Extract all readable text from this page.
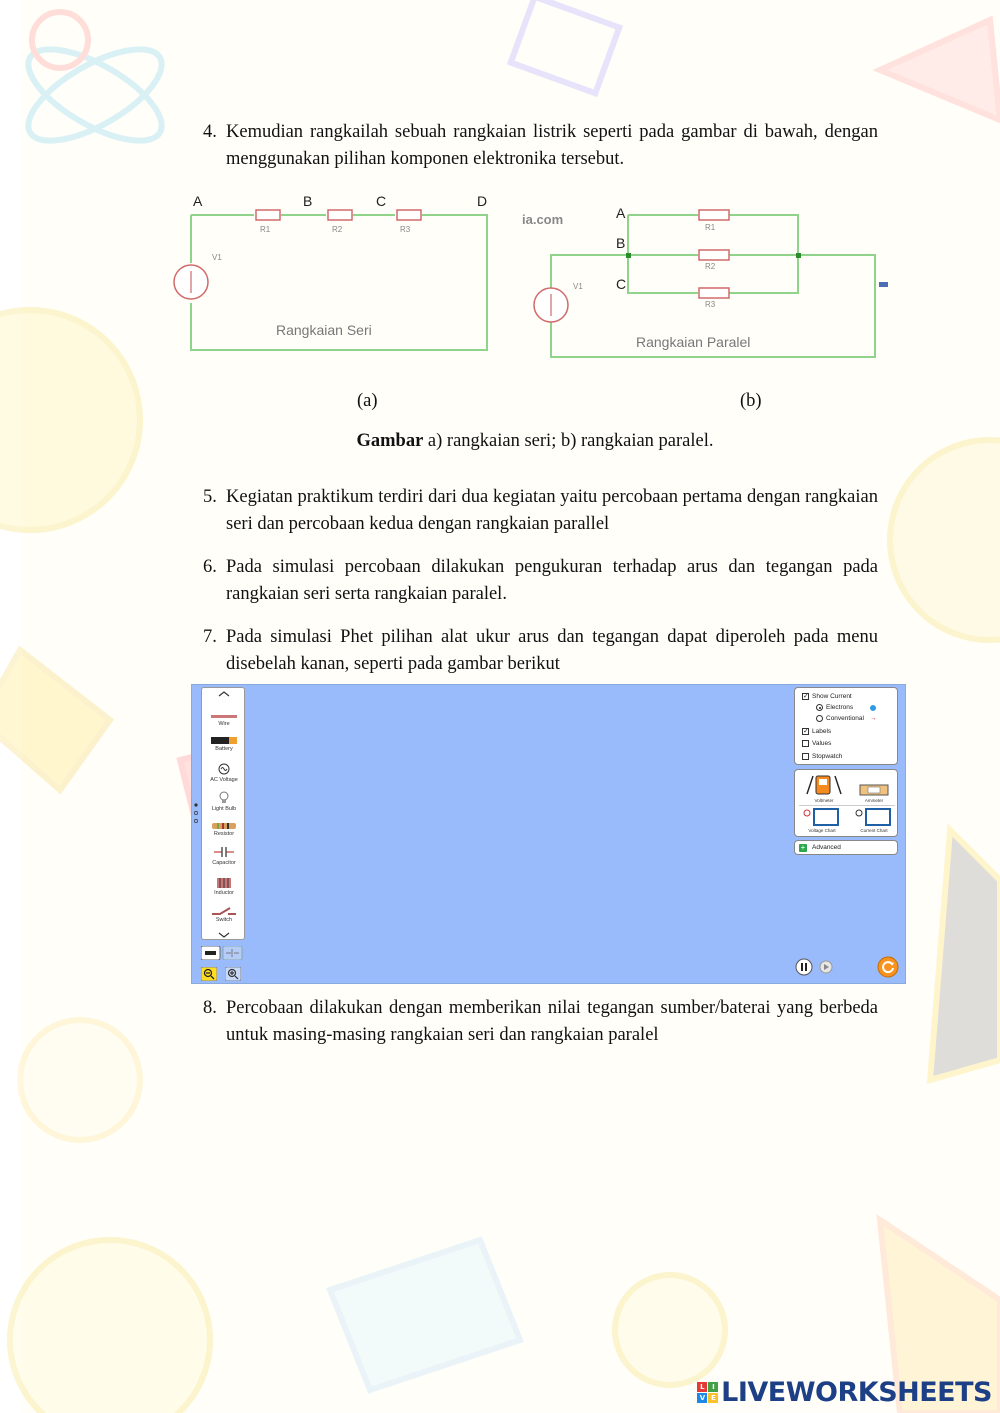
4. Kemudian rangkailah sebuah rangkaian listrik seperti pada gambar di bawah, dengan menggunakan pilihan komponen elektronika tersebut.
A	B	C	D
R1	R2	R3
V1
Rangkaian Seri
ia.com	A
B
C
R1
R2
R3
V1
Rangkaian Paralel
(a)	(b)
Gambar a) rangkaian seri; b) rangkaian paralel.
5. Kegiatan praktikum terdiri dari dua kegiatan yaitu percobaan pertama dengan rangkaian seri dan percobaan kedua dengan rangkaian parallel
6. Pada simulasi percobaan dilakukan pengukuran terhadap arus dan tegangan pada rangkaian seri serta rangkaian paralel.
7. Pada simulasi Phet pilihan alat ukur arus dan tegangan dapat diperoleh pada menu disebelah kanan, seperti pada gambar berikut
Wire
Battery
AC Voltage
Light Bulb
Resistor
Capacitor
Inductor
Switch
✓ Show Current
Electrons
Conventional →
✓ Labels
Values
Stopwatch
Voltmeter	Ammeter
Voltage Chart	Current Chart
+ Advanced
8. Percobaan dilakukan dengan memberikan nilai tegangan sumber/baterai yang berbeda untuk masing-masing rangkaian seri dan rangkaian paralel
L	I
V E LIVEWORKSHEETS
